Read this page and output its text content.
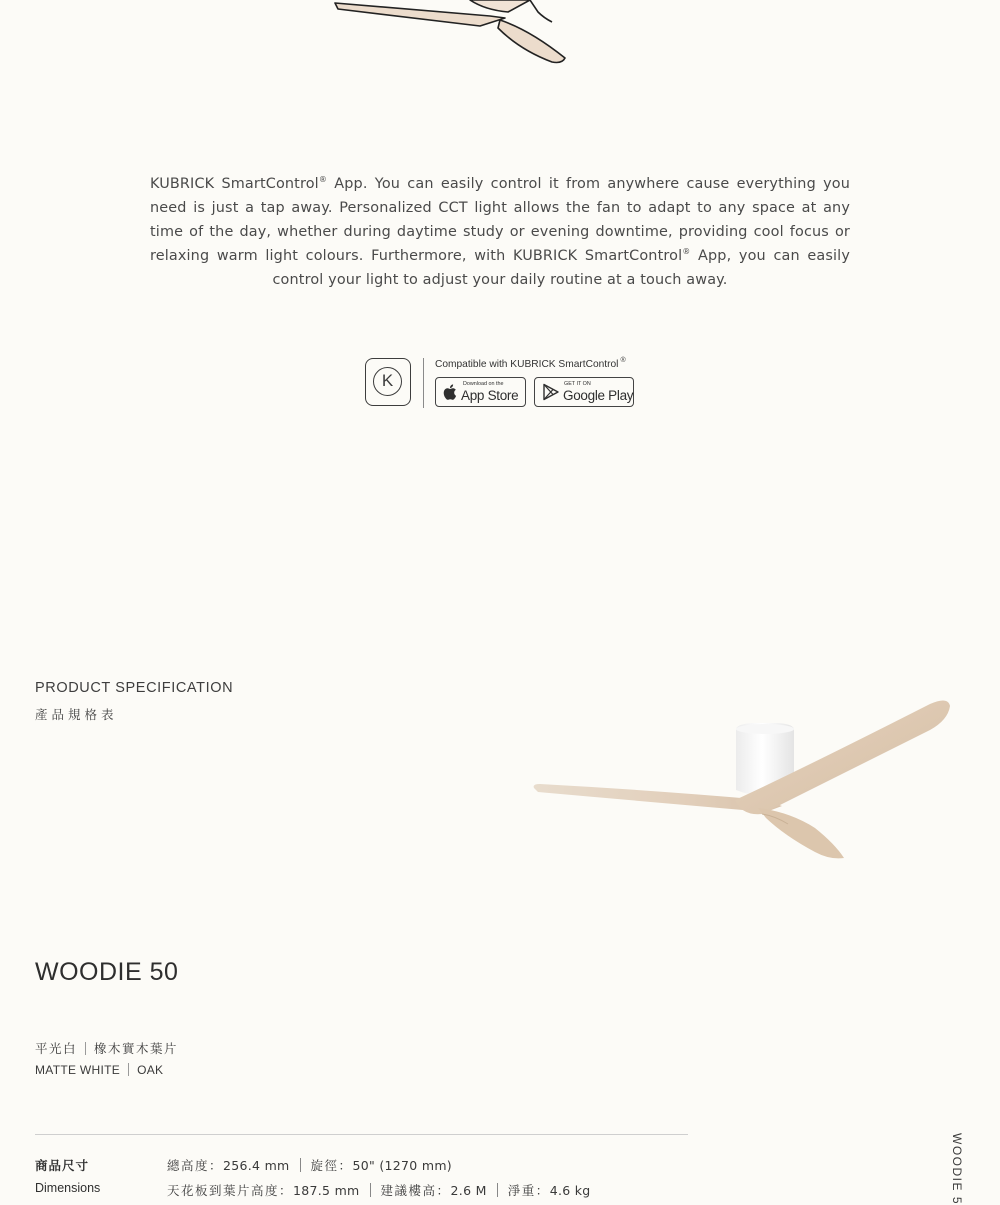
KUBRICK SmartControl® App. You can easily control it from anywhere cause everything you need is just a tap away. Personalized CCT light allows the fan to adapt to any space at any time of the day, whether during daytime study or evening downtime, providing cool focus or relaxing warm light colours. Furthermore, with KUBRICK SmartControl® App, you can easily control your light to adjust your daily routine at a touch away.
K
Compatible with KUBRICK SmartControl ®
Download on the
App Store
GET IT ON
Google Play
PRODUCT SPECIFICATION
產品規格表
WOODIE 50
平光白 橡木實木葉片
MATTE WHITE OAK
商品尺寸
Dimensions
總高度：256.4 mm 旋徑：50" (1270 mm)
天花板到葉片高度：187.5 mm 建議樓高：2.6 M 淨重：4.6 kg	WOODIE 5
